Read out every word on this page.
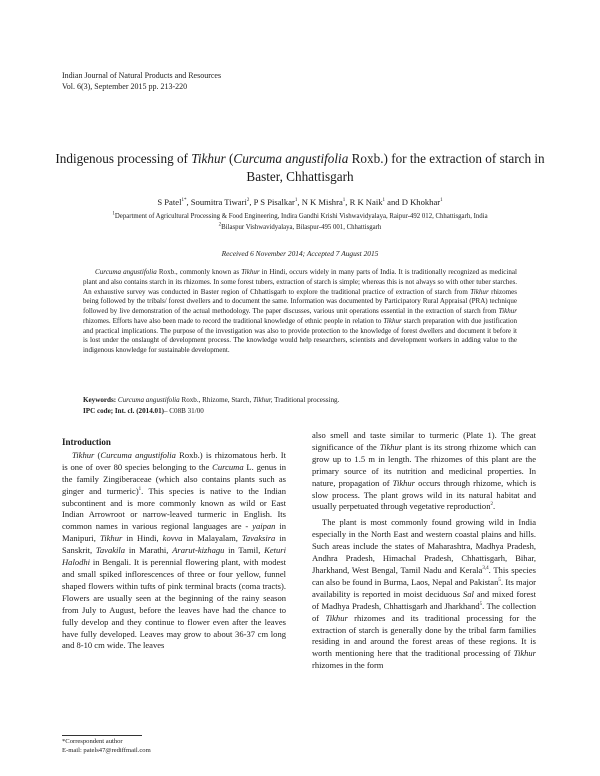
Indian Journal of Natural Products and Resources
Vol. 6(3), September 2015 pp. 213-220
Indigenous processing of Tikhur (Curcuma angustifolia Roxb.) for the extraction of starch in Baster, Chhattisgarh
S Patel$^{1*}$, Soumitra Tiwari$^2$, P S Pisalkar$^1$, N K Mishra$^1$, R K Naik$^1$ and D Khokhar$^1$
$^1$Department of Agricultural Processing & Food Engineering, Indira Gandhi Krishi Vishwavidyalaya, Raipur-492 012, Chhattisgarh, India
$^2$Bilaspur Vishwavidyalaya, Bilaspur-495 001, Chhattisgarh
Received 6 November 2014; Accepted 7 August 2015
Curcuma angustifolia Roxb., commonly known as Tikhur in Hindi, occurs widely in many parts of India. It is traditionally recognized as medicinal plant and also contains starch in its rhizomes. In some forest tubers, extraction of starch is simple; whereas this is not always so with other tuber starches. An exhaustive survey was conducted in Baster region of Chhattisgarh to explore the traditional practice of extraction of starch from Tikhur rhizomes being followed by the tribals/ forest dwellers and to document the same. Information was documented by Participatory Rural Appraisal (PRA) technique followed by live demonstration of the actual methodology. The paper discusses, various unit operations essential in the extraction of starch from Tikhur rhizomes. Efforts have also been made to record the traditional knowledge of ethnic people in relation to Tikhur starch preparation with due justification and practical implications. The purpose of the investigation was also to provide protection to the knowledge of forest dwellers and document it before it is lost under the onslaught of development process. The knowledge would help researchers, scientists and development workers in adding value to the indigenous knowledge for sustainable development.
Keywords: Curcuma angustifolia Roxb., Rhizome, Starch, Tikhur, Traditional processing.
IPC code; Int. cl. (2014.01)– C08B 31/00
Introduction

Tikhur (Curcuma angustifolia Roxb.) is rhizomatous herb. It is one of over 80 species belonging to the Curcuma L. genus in the family Zingiberaceae (which also contains plants such as ginger and turmeric)$^1$. This species is native to the Indian subcontinent and is more commonly known as wild or East Indian Arrowroot or narrow-leaved turmeric in English. Its common names in various regional languages are - yaipan in Manipuri, Tikhur in Hindi, kovva in Malayalam, Tavaksira in Sanskrit, Tavakila in Marathi, Ararut-kizhagu in Tamil, Keturi Halodhi in Bengali. It is perennial flowering plant, with modest and small spiked inflorescences of three or four yellow, funnel shaped flowers within tufts of pink terminal bracts (coma tracts). Flowers are usually seen at the beginning of the rainy season from July to August, before the leaves have had the chance to fully develop and they continue to flower even after the leaves have fully developed. Leaves may grow to about 36-37 cm long and 8-10 cm wide. The leaves

also smell and taste similar to turmeric (Plate 1). The great significance of the Tikhur plant is its strong rhizome which can grow up to 1.5 m in length. The rhizomes of this plant are the primary source of its nutrition and medicinal properties. In nature, propagation of Tikhur occurs through rhizome, which is slow process. The plant grows wild in its natural habitat and usually perpetuated through vegetative reproduction$^2$.

The plant is most commonly found growing wild in India especially in the North East and western coastal plains and hills. Such areas include the states of Maharashtra, Madhya Pradesh, Andhra Pradesh, Himachal Pradesh, Chhattisgarh, Bihar, Jharkhand, West Bengal, Tamil Nadu and Kerala$^{3,4}$. This species can also be found in Burma, Laos, Nepal and Pakistan$^5$. Its major availability is reported in moist deciduous Sal and mixed forest of Madhya Pradesh, Chhattisgarh and Jharkhand$^5$. The collection of Tikhur rhizomes and its traditional processing for the extraction of starch is generally done by the tribal farm families residing in and around the forest areas of these regions. It is worth mentioning here that the traditional processing of Tikhur rhizomes in the form

*Correspondent author
E-mail: patels47@rediffmail.com
